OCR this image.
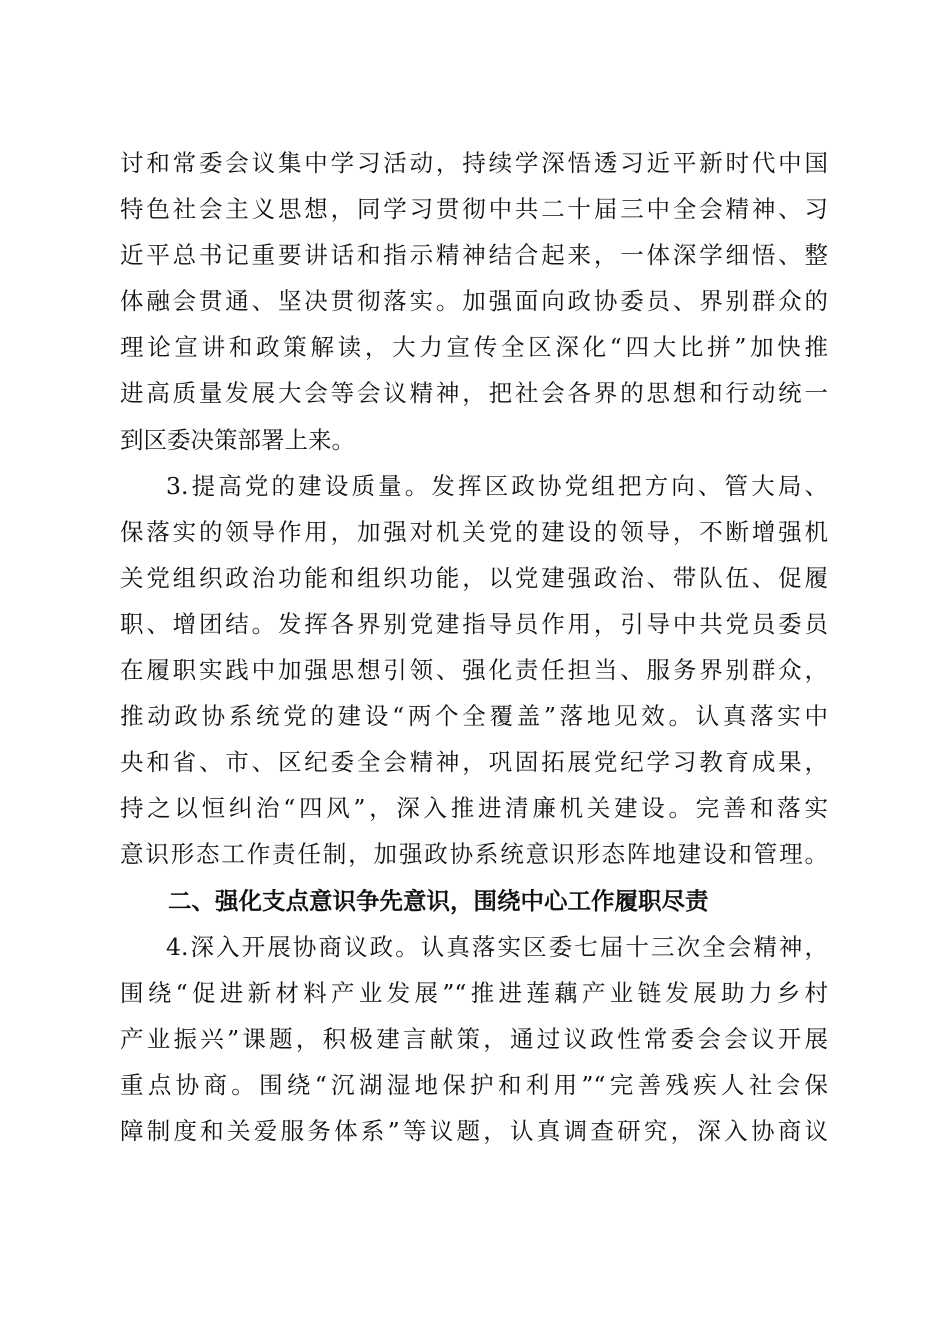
讨和常委会议集中学习活动，持续学深悟透习近平新时代中国
特色社会主义思想，同学习贯彻中共二十届三中全会精神、习
近平总书记重要讲话和指示精神结合起来，一体深学细悟、整
体融会贯通、坚决贯彻落实。加强面向政协委员、界别群众的
理论宣讲和政策解读，大力宣传全区深化“四大比拼”加快推
进高质量发展大会等会议精神，把社会各界的思想和行动统一
到区委决策部署上来。
3.提高党的建设质量。发挥区政协党组把方向、管大局、
保落实的领导作用，加强对机关党的建设的领导，不断增强机
关党组织政治功能和组织功能，以党建强政治、带队伍、促履
职、增团结。发挥各界别党建指导员作用，引导中共党员委员
在履职实践中加强思想引领、强化责任担当、服务界别群众，
推动政协系统党的建设“两个全覆盖”落地见效。认真落实中
央和省、市、区纪委全会精神，巩固拓展党纪学习教育成果，
持之以恒纠治“四风”，深入推进清廉机关建设。完善和落实
意识形态工作责任制，加强政协系统意识形态阵地建设和管理。
二、强化支点意识争先意识，围绕中心工作履职尽责
4.深入开展协商议政。认真落实区委七届十三次全会精神，
围绕“促进新材料产业发展”“推进莲藕产业链发展助力乡村
产业振兴”课题，积极建言献策，通过议政性常委会会议开展
重点协商。围绕“沉湖湿地保护和利用”“完善残疾人社会保
障制度和关爱服务体系”等议题，认真调查研究，深入协商议
